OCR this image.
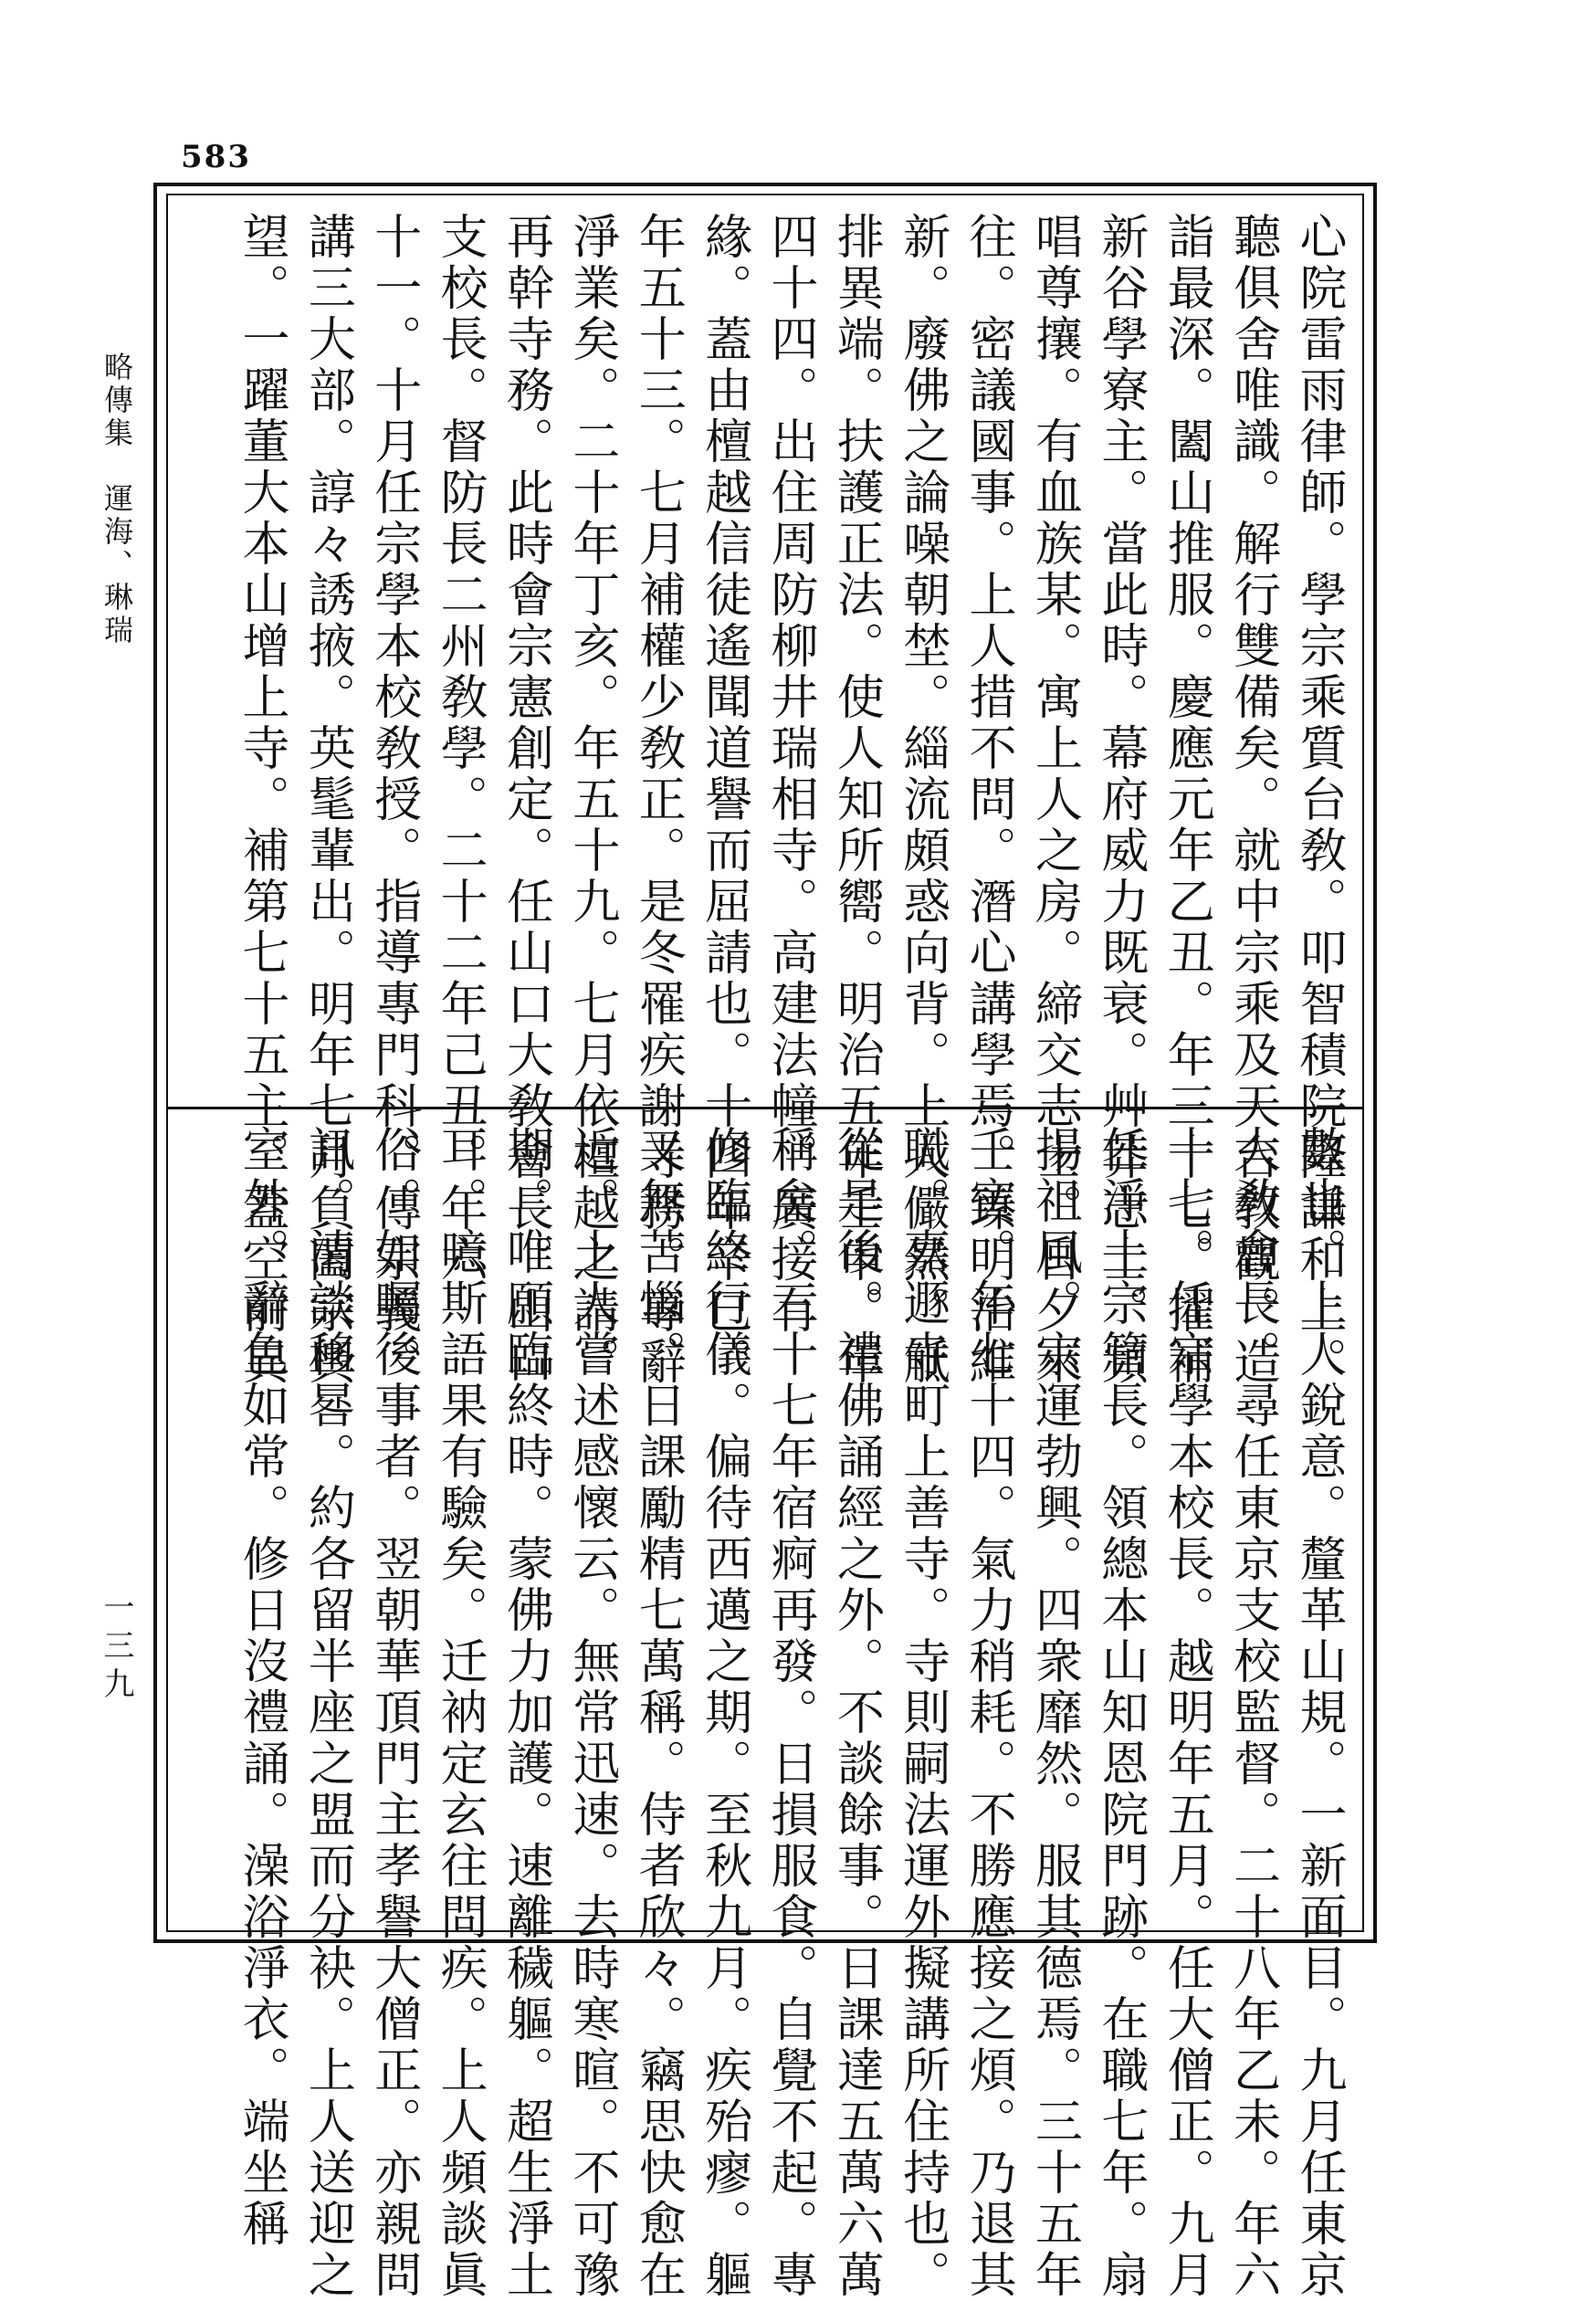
583
心院雷雨律師。學宗乘質台敎。叩智積院隆謙和上。
聽俱舍唯識。解行雙備矣。就中宗乘及天台敎觀。造
詣最深。闔山推服。慶應元年乙丑。年三十七。擢補
新谷學寮主。當此時。幕府威力既衰。艸莽志士。頻
唱尊攘。有血族某。寓上人之房。締交志士。日夕來
往。密議國事。上人措不問。潛心講學焉。臻明治維
新。廢佛之論噪朝埜。緇流頗惑向背。上人儼然。觝
排異端。扶護正法。使人知所嚮。明治五年壬申。年
四十四。出住周防柳井瑞相寺。高建法幢。廣接有
緣。蓋由檀越信徒遙聞道譽而屈請也。十四年辛巳。
年五十三。七月補權少敎正。是冬罹疾謝寺務。專辭
淨業矣。二十年丁亥。年五十九。七月依檀越之請。
再幹寺務。此時會宗憲創定。任山口大敎會長。山口
支校長。督防長二州敎學。二十二年己丑。年六
十一。十月任宗學本校敎授。指導專門科。傳宗義。
講三大部。諄々誘掖。英髦輩出。明年七月負闔宗輿
望。一躍董大本山增上寺。補第七十五主。蓋空前異
數也。上人銳意。釐革山規。一新面目。九月任東京
大敎會長。尋任東京支校監督。二十八年乙未。年六
十七。任宗學本校長。越明年五月。任大僧正。九月
任淨土宗管長。領總本山知恩院門跡。在職七年。扇
揚祖風。宗運勃興。四衆靡然。服其德焉。三十五年
壬寅。年七十四。氣力稍耗。不勝應接之煩。乃退其
職。嘉遯寺町上善寺。寺則嗣法運外擬講所住持也。
從是後。禮佛誦經之外。不談餘事。日課達五萬六萬
稱矣。三十七年宿痾再發。日損服食。自覺不起。專
修臨終行儀。偏待西邁之期。至秋九月。疾殆瘳。軀
又無苦惱。日課勵精七萬稱。侍者欣々。竊思快愈在
近。上人嘗述感懷云。無常迅速。去時寒暄。不可豫
期。唯願臨終時。蒙佛力加護。速離穢軀。超生淨土
耳。噫斯語果有驗矣。迁衲定玄往問疾。上人頻談眞
俗。如囑後事者。翌朝華頂門主孝譽大僧正。亦親問
訊。清談移晷。約各留半座之盟而分袂。上人送迎之
室外。辭色如常。修日沒禮誦。澡浴淨衣。端坐稱
略傳集
運海、琳瑞
一三九
